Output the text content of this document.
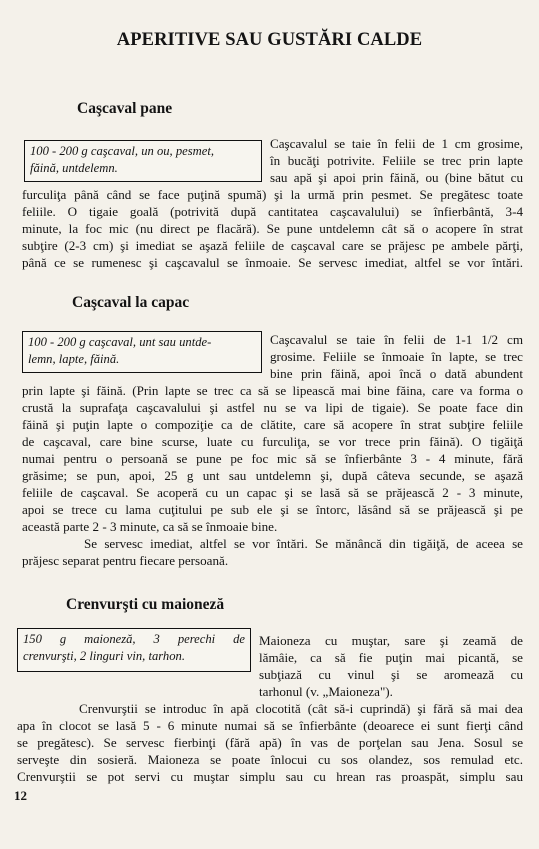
APERITIVE SAU GUSTĂRI CALDE
Caşcaval pane
100 - 200 g caşcaval, un ou, pesmet,
făină, untdelemn.
Caşcavalul se taie în felii de 1 cm grosime,
în bucăţi potrivite. Feliile se trec prin lapte
sau apă şi apoi prin făină, ou (bine bătut cu
furculiţa până când se face puţină spumă) şi la urmă prin pesmet. Se pregătesc toate
feliile. O tigaie goală (potrivită după cantitatea caşcavalului) se înfierbântă, 3-4
minute, la foc mic (nu direct pe flacără). Se pune untdelemn cât să o acopere în strat
subţire (2-3 cm) şi imediat se aşază feliile de caşcaval care se prăjesc pe ambele părţi,
până ce se rumenesc şi caşcavalul se înmoaie. Se servesc imediat, altfel se vor întări.
Caşcaval la capac
100 - 200 g caşcaval, unt sau untde-
lemn, lapte, făină.
Caşcavalul se taie în felii de 1-1 1/2 cm
grosime. Feliile se înmoaie în lapte, se trec
bine prin făină, apoi încă o dată abundent
prin lapte şi făină. (Prin lapte se trec ca să se lipească mai bine făina, care va forma o
crustă la suprafaţa caşcavalului şi astfel nu se va lipi de tigaie). Se poate face din
făină şi puţin lapte o compoziţie ca de clătite, care să acopere în strat subţire feliile
de caşcaval, care bine scurse, luate cu furculiţa, se vor trece prin făină). O tigăiţă
numai pentru o persoană se pune pe foc mic să se înfierbânte 3 - 4 minute, fără
grăsime; se pun, apoi, 25 g unt sau untdelemn şi, după câteva secunde, se aşază
feliile de caşcaval. Se acoperă cu un capac şi se lasă să se prăjească 2 - 3 minute,
apoi se trece cu lama cuţitului pe sub ele şi se întorc, lăsând să se prăjească şi pe
această parte 2 - 3 minute, ca să se înmoaie bine.
Se servesc imediat, altfel se vor întări. Se mănâncă din tigăiţă, de aceea se
prăjesc separat pentru fiecare persoană.
Crenvurşti cu maioneză
150 g maioneză, 3 perechi de
crenvurşti, 2 linguri vin, tarhon.
Maioneza cu muştar, sare şi zeamă de
lămâie, ca să fie puţin mai picantă, se
subţiază cu vinul şi se aromează cu
tarhonul (v. „Maioneza").
Crenvurştii se introduc în apă clocotită (cât să-i cuprindă) şi fără să mai dea
apa în clocot se lasă 5 - 6 minute numai să se înfierbânte (deoarece ei sunt fierţi când
se pregătesc). Se servesc fierbinţi (fără apă) în vas de porţelan sau Jena. Sosul se
serveşte din sosieră. Maioneza se poate înlocui cu sos olandez, sos remulad etc.
Crenvurştii se pot servi cu muştar simplu sau cu hrean ras proaspăt, simplu sau
12
